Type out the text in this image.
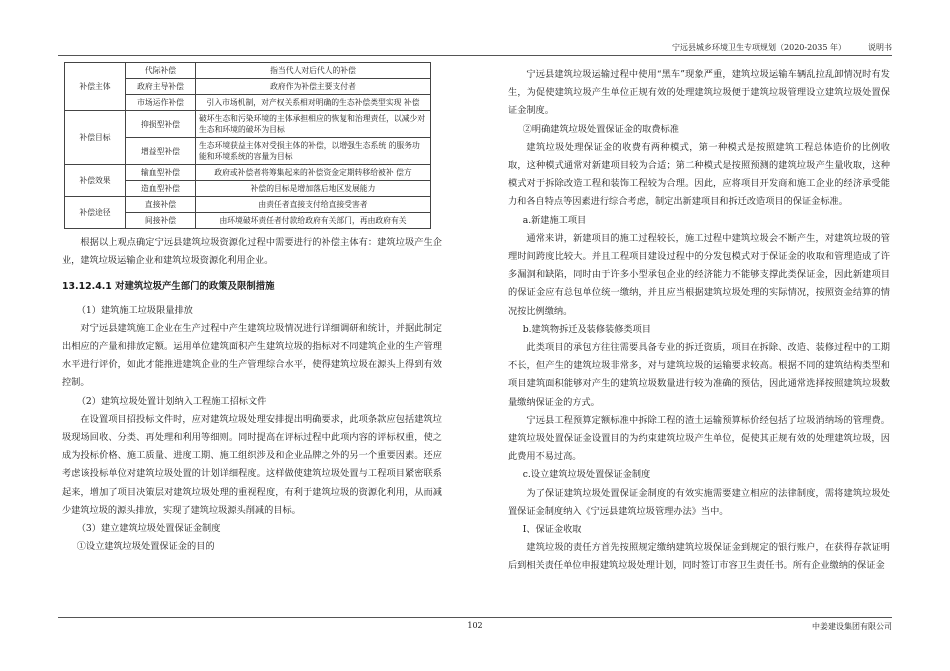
宁远县城乡环境卫生专项规划（2020-2035 年）	说明书
补偿主体	代际补偿	指当代人对后代人的补偿
	政府主导补偿	政府作为补偿主要支付者
	市场运作补偿	引入市场机制，对产权关系相对明确的生态补偿类型实现 补偿
补偿目标	抑损型补偿	破坏生态和污染环境的主体承担相应的恢复和治理责任，以减少对生态和环境的破坏为目标
	增益型补偿	生态环境获益主体对受损主体的补偿，以增强生态系统 的服务功能和环境系统的容量为目标
补偿效果	输血型补偿	政府或补偿者将筹集起来的补偿资金定期转移给被补 偿方
	造血型补偿	补偿的目标是增加落后地区发展能力
补偿途径	直接补偿	由责任者直接支付给直接受害者
	间接补偿	由环境破坏责任者付款给政府有关部门，再由政府有关

根据以上观点确定宁远县建筑垃圾资源化过程中需要进行的补偿主体有：建筑垃圾产生企业，建筑垃圾运输企业和建筑垃圾资源化利用企业。

13.12.4.1 对建筑垃圾产生部门的政策及限制措施

（1）建筑施工垃圾限量排放

对宁远县建筑施工企业在生产过程中产生建筑垃圾情况进行详细调研和统计，并据此制定出相应的产量和排放定额。运用单位建筑面积产生建筑垃圾的指标对不同建筑企业的生产管理水平进行评价，如此才能推进建筑企业的生产管理综合水平，使得建筑垃圾在源头上得到有效控制。

（2）建筑垃圾处置计划纳入工程施工招标文件

在设置项目招投标文件时，应对建筑垃圾处理安排提出明确要求，此项条款应包括建筑垃圾现场回收、分类、再处理和利用等细则。同时提高在评标过程中此项内容的评标权重，使之成为投标价格、施工质量、进度工期、施工组织涉及和企业品牌之外的另一个重要因素。还应考虑该投标单位对建筑垃圾处置的计划详细程度。这样做使建筑垃圾处置与工程项目紧密联系起来，增加了项目决策层对建筑垃圾处理的重视程度，有利于建筑垃圾的资源化利用，从而减少建筑垃圾的源头排放，实现了建筑垃圾源头削减的目标。

（3）建立建筑垃圾处置保证金制度

①设立建筑垃圾处置保证金的目的

宁远县建筑垃圾运输过程中使用“黑车”现象严重，建筑垃圾运输车辆乱拉乱卸情况时有发生，为促使建筑垃圾产生单位正规有效的处理建筑垃圾便于建筑垃圾管理设立建筑垃圾处置保证金制度。

②明确建筑垃圾处置保证金的取费标准

建筑垃圾处理保证金的收费有两种模式，第一种模式是按照建筑工程总体造价的比例收取，这种模式通常对新建项目较为合适；第二种模式是按照预测的建筑垃圾产生量收取，这种模式对于拆除改造工程和装饰工程较为合理。因此，应将项目开发商和施工企业的经济承受能力和各自特点等因素进行综合考虑，制定出新建项目和拆迁改造项目的保证金标准。

a.新建施工项目

通常来讲，新建项目的施工过程较长，施工过程中建筑垃圾会不断产生，对建筑垃圾的管理时间跨度比较大。并且工程项目建设过程中的分发包模式对于保证金的收取和管理造成了许多漏洞和缺陷，同时由于许多小型承包企业的经济能力不能够支撑此类保证金，因此新建项目的保证金应有总包单位统一缴纳，并且应当根据建筑垃圾处理的实际情况，按照资金结算的情况按比例缴纳。

b.建筑物拆迁及装修装修类项目

此类项目的承包方往往需要具备专业的拆迁资质，项目在拆除、改造、装修过程中的工期不长，但产生的建筑垃圾非常多，对与建筑垃圾的运输要求较高。根据不同的建筑结构类型和项目建筑面积能够对产生的建筑垃圾数量进行较为准确的预估，因此通常选择按照建筑垃圾数量缴纳保证金的方式。

宁远县工程预算定额标准中拆除工程的渣土运输预算标价经包括了垃圾消纳场的管理费。建筑垃圾处置保证金设置目的为约束建筑垃圾产生单位，促使其正规有效的处理建筑垃圾，因此费用不易过高。

c.设立建筑垃圾处置保证金制度

为了保证建筑垃圾处置保证金制度的有效实施需要建立相应的法律制度，需将建筑垃圾处置保证金制度纳入《宁远县建筑垃圾管理办法》当中。

Ⅰ、保证金收取

建筑垃圾的责任方首先按照规定缴纳建筑垃圾保证金到规定的银行账户，在获得存款证明后到相关责任单位申报建筑垃圾处理计划，同时签订市容卫生责任书。所有企业缴纳的保证金

102	中姜建设集团有限公司
